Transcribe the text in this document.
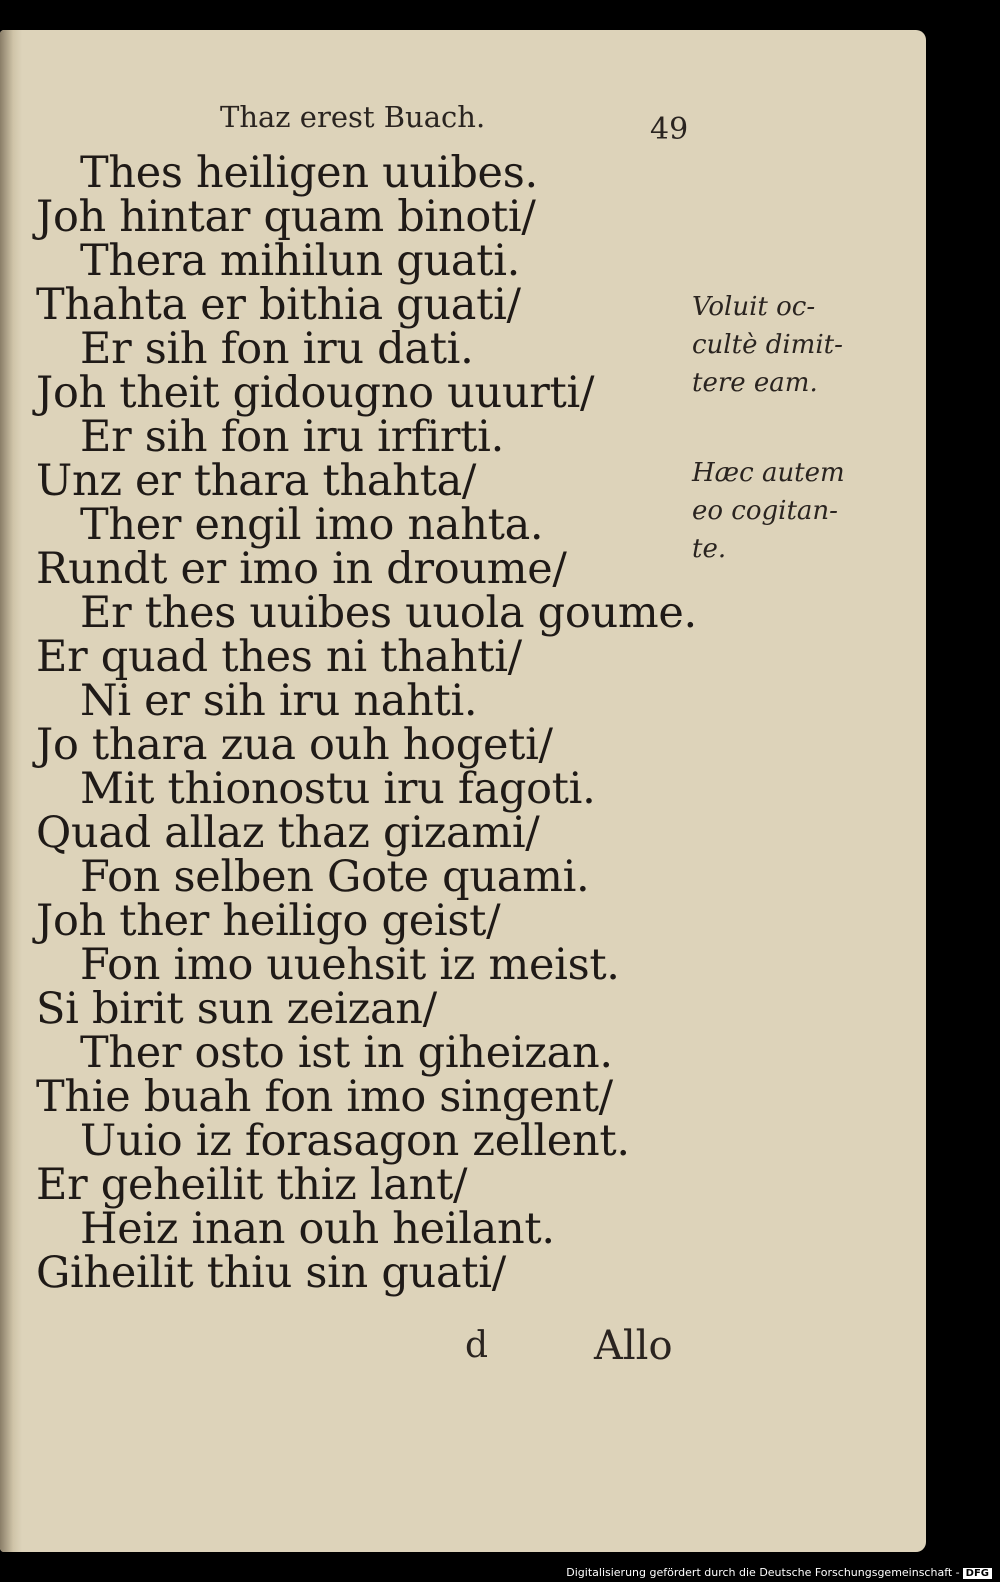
Thaz erest Buach.	49
Thes heiligen uuibes.
Joh hintar quam binoti/
Thera mihilun guati.
Thahta er bithia guati/
Er sih fon iru dati.
Joh theit gidougno uuurti/
Er sih fon iru irfirti.
Unz er thara thahta/
Ther engil imo nahta.
Rundt er imo in droume/
Er thes uuibes uuola goume.
Er quad thes ni thahti/
Ni er sih iru nahti.
Jo thara zua ouh hogeti/
Mit thionostu iru fagoti.
Quad allaz thaz gizami/
Fon selben Gote quami.
Joh ther heiligo geist/
Fon imo uuehsit iz meist.
Si birit sun zeizan/
Ther osto ist in giheizan.
Thie buah fon imo singent/
Uuio iz forasagon zellent.
Er geheilit thiz lant/
Heiz inan ouh heilant.
Giheilit thiu sin guati/
Voluit oc-
cultè dimit-
tere eam.
Hæc autem
eo cogitan-
te.
d	Allo
Digitalisierung gefördert durch die Deutsche Forschungsgemeinschaft - DFG
